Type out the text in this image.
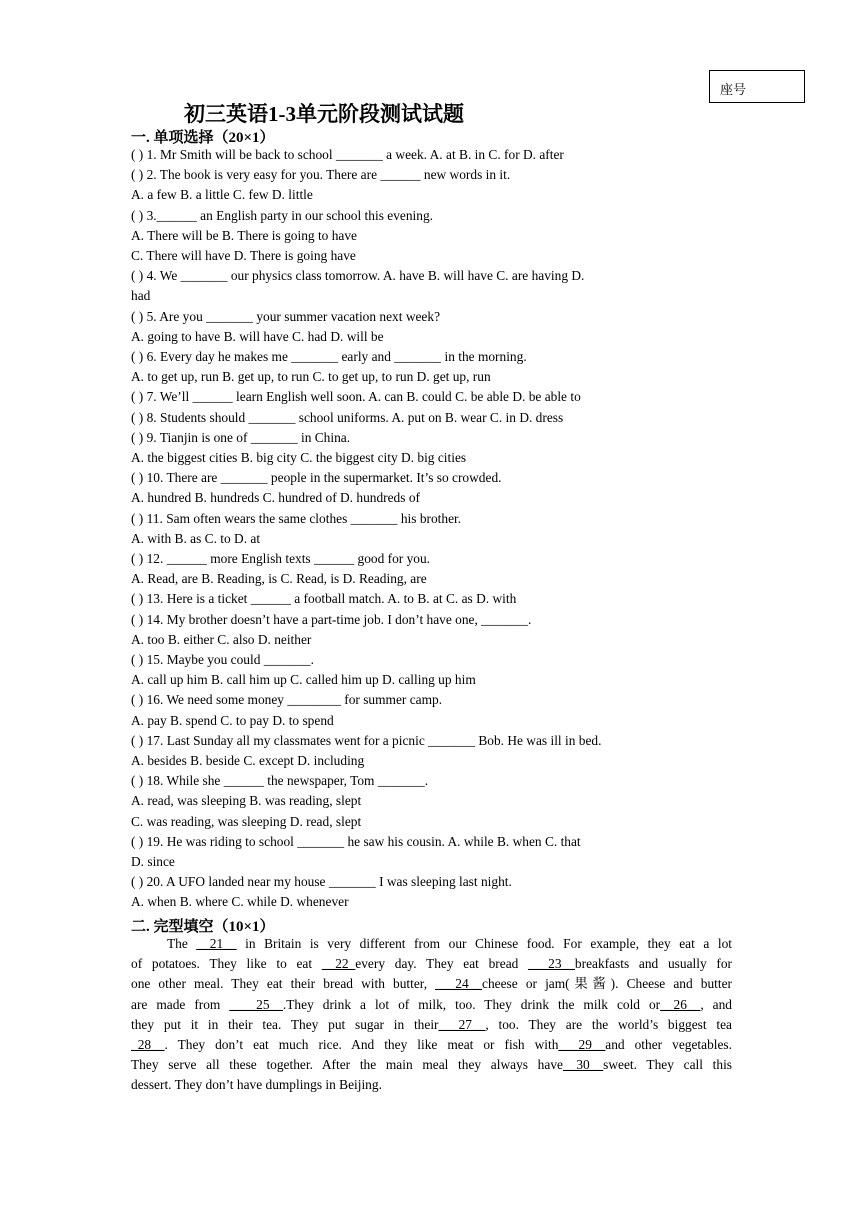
座号
初三英语1-3单元阶段测试试题
一. 单项选择（20×1）
( ) 1. Mr Smith will be back to school _______ a week. A. at B. in C. for D. after
( ) 2. The book is very easy for you. There are ______ new words in it.
A. a few B. a little C. few D. little
( ) 3.______ an English party in our school this evening.
A. There will be B. There is going to have
C. There will have D. There is going have
( ) 4. We _______ our physics class tomorrow. A. have B. will have C. are having D.
had
( ) 5. Are you _______ your summer vacation next week?
A. going to have B. will have C. had D. will be
( ) 6. Every day he makes me _______ early and _______ in the morning.
A. to get up, run B. get up, to run C. to get up, to run D. get up, run
( ) 7. We’ll ______ learn English well soon. A. can B. could C. be able D. be able to
( ) 8. Students should _______ school uniforms. A. put on B. wear C. in D. dress
( ) 9. Tianjin is one of _______ in China.
A. the biggest cities B. big city C. the biggest city D. big cities
( ) 10. There are _______ people in the supermarket. It’s so crowded.
A. hundred B. hundreds C. hundred of D. hundreds of
( ) 11. Sam often wears the same clothes _______ his brother.
A. with B. as C. to D. at
( ) 12. ______ more English texts ______ good for you.
A. Read, are B. Reading, is C. Read, is D. Reading, are
( ) 13. Here is a ticket ______ a football match. A. to B. at C. as D. with
( ) 14. My brother doesn’t have a part-time job. I don’t have one, _______.
A. too B. either C. also D. neither
( ) 15. Maybe you could _______.
A. call up him B. call him up C. called him up D. calling up him
( ) 16. We need some money ________ for summer camp.
A. pay B. spend C. to pay D. to spend
( ) 17. Last Sunday all my classmates went for a picnic _______ Bob. He was ill in bed.
A. besides B. beside C. except D. including
( ) 18. While she ______ the newspaper, Tom _______.
A. read, was sleeping B. was reading, slept
C. was reading, was sleeping D. read, slept
( ) 19. He was riding to school _______ he saw his cousin. A. while B. when C. that
D. since
( ) 20. A UFO landed near my house _______ I was sleeping last night.
A. when B. where C. while D. whenever
二. 完型填空（10×1）
The __21__ in Britain is very different from our Chinese food. For example, they eat a lot
of potatoes. They like to eat __22_every day. They eat bread ___23__breakfasts and usually for
one other meal. They eat their bread with butter, ___24__cheese or jam(果酱). Cheese and butter
are made from ____25__.They drink a lot of milk, too. They drink the milk cold or__26__, and
they put it in their tea. They put sugar in their___27__, too. They are the world’s biggest tea
_28__. They don’t eat much rice. And they like meat or fish with___29__and other vegetables.
They serve all these together. After the main meal they always have__30__sweet. They call this
dessert. They don’t have dumplings in Beijing.
